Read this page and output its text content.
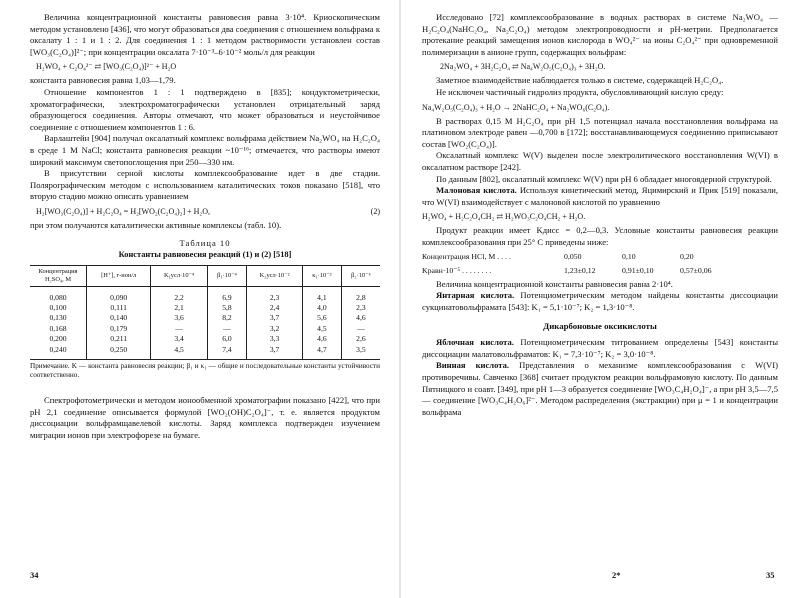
Величина концентрационной константы равновесия равна 3·10⁴. Криоскопическим методом установлено [436], что могут образоваться два соединения с отношением вольфрама к оксалату 1 : 1 и 1 : 2. Для соединения 1 : 1 методом растворимости установлен состав [WO₃(C₂O₄)]²⁻; при концентрации оксалата 7·10⁻³–6·10⁻² моль/л для реакции

H₂WO₄ + C₂O₄²⁻ ⇄ [WO₃(C₂O₄)]²⁻ + H₂O

константа равновесия равна 1,03—1,79.

Отношение компонентов 1 : 1 подтверждено в [835]; кондуктометрически, хроматографически, электрохроматографически установлен отрицательный заряд образующегося соединения. Авторы отмечают, что может образоваться и неустойчивое соединение с отношением компонентов 1 : 6.

Варлаштейн [904] получал оксалатный комплекс вольфрама действием Na₂WO₄ на H₂C₂O₄ в среде 1 M NaCl; константа равновесия реакции ~10⁻¹⁶; отмечается, что растворы имеют широкий максимум светопоглощения при 250—330 нм.

В присутствии серной кислоты комплексообразование идет в две стадии. Полярографическим методом с использованием каталитических токов показано [518], что вторую стадию можно описать уравнением

H₂[WO₃(C₂O₄)] + H₂C₂O₄ = H₂[WO₂(C₂O₄)₂] + H₂O,	(2)

при этом получаются каталитически активные комплексы (табл. 10).

Таблица 10
Константы равновесия реакций (1) и (2) [518]
Концентрация H₂SO₄, M	[H⁺], г-ион/л	K₁усл·10⁻⁴	β₁·10⁻⁴	K₂усл·10⁻²	κ₁·10⁻³	β₂·10⁻⁵
0,080	0,090	2,2	6,9	2,3	4,1	2,8
0,100	0,111	2,1	5,8	2,4	4,0	2,3
0,130	0,140	3,6	8,2	3,7	5,6	4,6
0,168	0,179	—	—	3,2	4,5	—
0,200	0,211	3,4	6,0	3,3	4,6	2,6
0,240	0,250	4,5	7,4	3,7	4,7	3,5
Примечание. K — константа равновесия реакции; β₁ и κ₁ — общие и последовательные константы устойчивости соответственно.

Спектрофотометрически и методом ионообменной хроматографии показано [422], что при pH 2,1 соединение описывается формулой [WO₂(OH)C₂O₄]⁻, т. е. является продуктом диссоциации вольфрамщавелевой кислоты. Заряд комплекса подтвержден изучением миграции ионов при электрофорезе на бумаге.

34

Исследовано [72] комплексообразование в водных растворах в системе Na₂WO₄ — H₂C₂O₄(NaHC₂O₄, Na₂C₂O₄) методом электропроводности и pH-метрии. Предполагается протекание реакций замещения ионов кислорода в WO₄²⁻ на ионы C₂O₄²⁻ при одновременной полимеризации в анионе групп, содержащих вольфрам:

2Na₂WO₄ + 3H₂C₂O₄ ⇄ Na₄W₂O₅(C₂O₄)₃ + 3H₂O.

Заметное взаимодействие наблюдается только в системе, содержащей H₂C₂O₄.

Не исключен частичный гидролиз продукта, обусловливающий кислую среду:

Na₄W₂O₅(C₂O₄)₃ + H₂O → 2NaHC₂O₄ + Na₂WO₆(C₂O₄).

В растворах 0,15 M H₂C₂O₄ при pH 1,5 потенциал начала восстановления вольфрама на платиновом электроде равен —0,700 в [172]; восстанавливающемуся соединению приписывают состав [WO₂(C₂O₄)].

Оксалатный комплекс W(V) выделен после электролитического восстановления W(VI) в оксалатном растворе [242].

По данным [802], оксалатный комплекс W(V) при pH 6 обладает многоядерной структурой.

Малоновая кислота. Используя кинетический метод, Яцимирский и Прик [519] показали, что W(VI) взаимодействует с малоновой кислотой по уравнению

H₂WO₄ + H₂C₂O₄CH₂ ⇄ H₂WO₃C₂O₄CH₂ + H₂O.

Продукт реакции имеет Kдисс = 0,2—0,3. Условные константы равновесия реакции комплексообразования при 25° C приведены ниже:

Концентрация HCl, M . . . .	0,050	0,10	0,20
Kравн·10⁻⁵ . . . . . . . .	1,23±0,12	0,91±0,10	0,57±0,06

Величина концентрационной константы равновесия равна 2·10⁴.

Янтарная кислота. Потенциометрическим методом найдены константы диссоциации сукцинатовольфрамата [543]: K₁ = 5,1·10⁻⁷; K₂ = 1,3·10⁻⁸.

Дикарбоновые оксикислоты

Яблочная кислота. Потенциометрическим титрованием определены [543] константы диссоциации малатовольфраматов: K₁ = 7,3·10⁻⁷; K₂ = 3,0·10⁻⁸.

Винная кислота. Представления о механизме комплексообразования с W(VI) противоречивы. Савченко [368] считает продуктом реакции вольфрамовую кислоту. По данным Пятницкого и соавт. [349], при pH 1—3 образуется соединение [WO₃C₄H₂O₄]⁻, а при pH 3,5—7,5 — соединение [WO₃C₄H₂O₆]²⁻. Методом распределения (экстракции) при μ = 1 и концентрации вольфрама

2*	35
